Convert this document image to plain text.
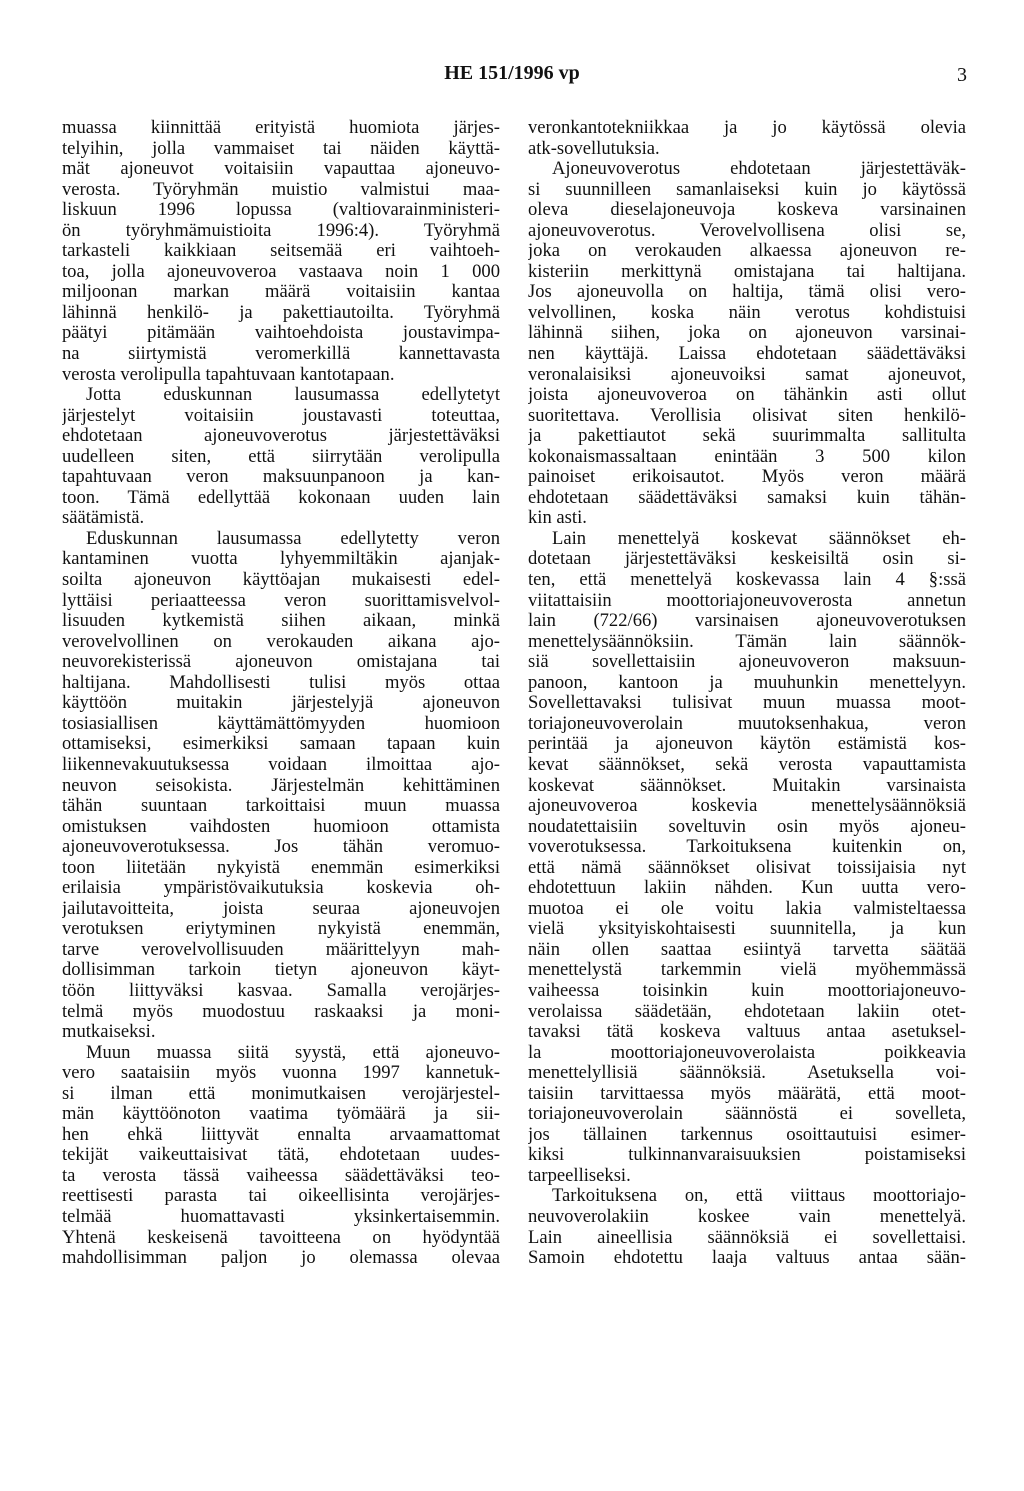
HE 151/1996 vp	3
muassa kiinnittää erityistä huomiota järjes-
telyihin, jolla vammaiset tai näiden käyttä-
mät ajoneuvot voitaisiin vapauttaa ajoneuvo-
verosta. Työryhmän muistio valmistui maa-
liskuun 1996 lopussa (valtiovarainministeri-
ön työryhmämuistioita 1996:4). Työryhmä
tarkasteli kaikkiaan seitsemää eri vaihtoeh-
toa, jolla ajoneuvoveroa vastaava noin 1 000
miljoonan markan määrä voitaisiin kantaa
lähinnä henkilö- ja pakettiautoilta. Työryhmä
päätyi pitämään vaihtoehdoista joustavimpa-
na siirtymistä veromerkillä kannettavasta
verosta verolipulla tapahtuvaan kantotapaan.
Jotta eduskunnan lausumassa edellytetyt
järjestelyt voitaisiin joustavasti toteuttaa,
ehdotetaan ajoneuvoverotus järjestettäväksi
uudelleen siten, että siirrytään verolipulla
tapahtuvaan veron maksuunpanoon ja kan-
toon. Tämä edellyttää kokonaan uuden lain
säätämistä.
Eduskunnan lausumassa edellytetty veron
kantaminen vuotta lyhyemmiltäkin ajanjak-
soilta ajoneuvon käyttöajan mukaisesti edel-
lyttäisi periaatteessa veron suorittamisvelvol-
lisuuden kytkemistä siihen aikaan, minkä
verovelvollinen on verokauden aikana ajo-
neuvorekisterissä ajoneuvon omistajana tai
haltijana. Mahdollisesti tulisi myös ottaa
käyttöön muitakin järjestelyjä ajoneuvon
tosiasiallisen käyttämättömyyden huomioon
ottamiseksi, esimerkiksi samaan tapaan kuin
liikennevakuutuksessa voidaan ilmoittaa ajo-
neuvon seisokista. Järjestelmän kehittäminen
tähän suuntaan tarkoittaisi muun muassa
omistuksen vaihdosten huomioon ottamista
ajoneuvoverotuksessa. Jos tähän veromuo-
toon liitetään nykyistä enemmän esimerkiksi
erilaisia ympäristövaikutuksia koskevia oh-
jailutavoitteita, joista seuraa ajoneuvojen
verotuksen eriytyminen nykyistä enemmän,
tarve verovelvollisuuden määrittelyyn mah-
dollisimman tarkoin tietyn ajoneuvon käyt-
töön liittyväksi kasvaa. Samalla verojärjes-
telmä myös muodostuu raskaaksi ja moni-
mutkaiseksi.
Muun muassa siitä syystä, että ajoneuvo-
vero saataisiin myös vuonna 1997 kannetuk-
si ilman että monimutkaisen verojärjestel-
män käyttöönoton vaatima työmäärä ja sii-
hen ehkä liittyvät ennalta arvaamattomat
tekijät vaikeuttaisivat tätä, ehdotetaan uudes-
ta verosta tässä vaiheessa säädettäväksi teo-
reettisesti parasta tai oikeellisinta verojärjes-
telmää huomattavasti yksinkertaisemmin.
Yhtenä keskeisenä tavoitteena on hyödyntää
mahdollisimman paljon jo olemassa olevaa
veronkantotekniikkaa ja jo käytössä olevia
atk-sovellutuksia.
Ajoneuvoverotus ehdotetaan järjestettäväk-
si suunnilleen samanlaiseksi kuin jo käytössä
oleva dieselajoneuvoja koskeva varsinainen
ajoneuvoverotus. Verovelvollisena olisi se,
joka on verokauden alkaessa ajoneuvon re-
kisteriin merkittynä omistajana tai haltijana.
Jos ajoneuvolla on haltija, tämä olisi vero-
velvollinen, koska näin verotus kohdistuisi
lähinnä siihen, joka on ajoneuvon varsinai-
nen käyttäjä. Laissa ehdotetaan säädettäväksi
veronalaisiksi ajoneuvoiksi samat ajoneuvot,
joista ajoneuvoveroa on tähänkin asti ollut
suoritettava. Verollisia olisivat siten henkilö-
ja pakettiautot sekä suurimmalta sallitulta
kokonaismassaltaan enintään 3 500 kilon
painoiset erikoisautot. Myös veron määrä
ehdotetaan säädettäväksi samaksi kuin tähän-
kin asti.
Lain menettelyä koskevat säännökset eh-
dotetaan järjestettäväksi keskeisiltä osin si-
ten, että menettelyä koskevassa lain 4 §:ssä
viitattaisiin moottoriajoneuvoverosta annetun
lain (722/66) varsinaisen ajoneuvoverotuksen
menettelysäännöksiin. Tämän lain säännök-
siä sovellettaisiin ajoneuvoveron maksuun-
panoon, kantoon ja muuhunkin menettelyyn.
Sovellettavaksi tulisivat muun muassa moot-
toriajoneuvoverolain muutoksenhakua, veron
perintää ja ajoneuvon käytön estämistä kos-
kevat säännökset, sekä verosta vapauttamista
koskevat säännökset. Muitakin varsinaista
ajoneuvoveroa koskevia menettelysäännöksiä
noudatettaisiin soveltuvin osin myös ajoneu-
voverotuksessa. Tarkoituksena kuitenkin on,
että nämä säännökset olisivat toissijaisia nyt
ehdotettuun lakiin nähden. Kun uutta vero-
muotoa ei ole voitu lakia valmisteltaessa
vielä yksityiskohtaisesti suunnitella, ja kun
näin ollen saattaa esiintyä tarvetta säätää
menettelystä tarkemmin vielä myöhemmässä
vaiheessa toisinkin kuin moottoriajoneuvo-
verolaissa säädetään, ehdotetaan lakiin otet-
tavaksi tätä koskeva valtuus antaa asetuksel-
la moottoriajoneuvoverolaista poikkeavia
menettelyllisiä säännöksiä. Asetuksella voi-
taisiin tarvittaessa myös määrätä, että moot-
toriajoneuvoverolain säännöstä ei sovelleta,
jos tällainen tarkennus osoittautuisi esimer-
kiksi tulkinnanvaraisuuksien poistamiseksi
tarpeelliseksi.
Tarkoituksena on, että viittaus moottoriajo-
neuvoverolakiin koskee vain menettelyä.
Lain aineellisia säännöksiä ei sovellettaisi.
Samoin ehdotettu laaja valtuus antaa sään-
